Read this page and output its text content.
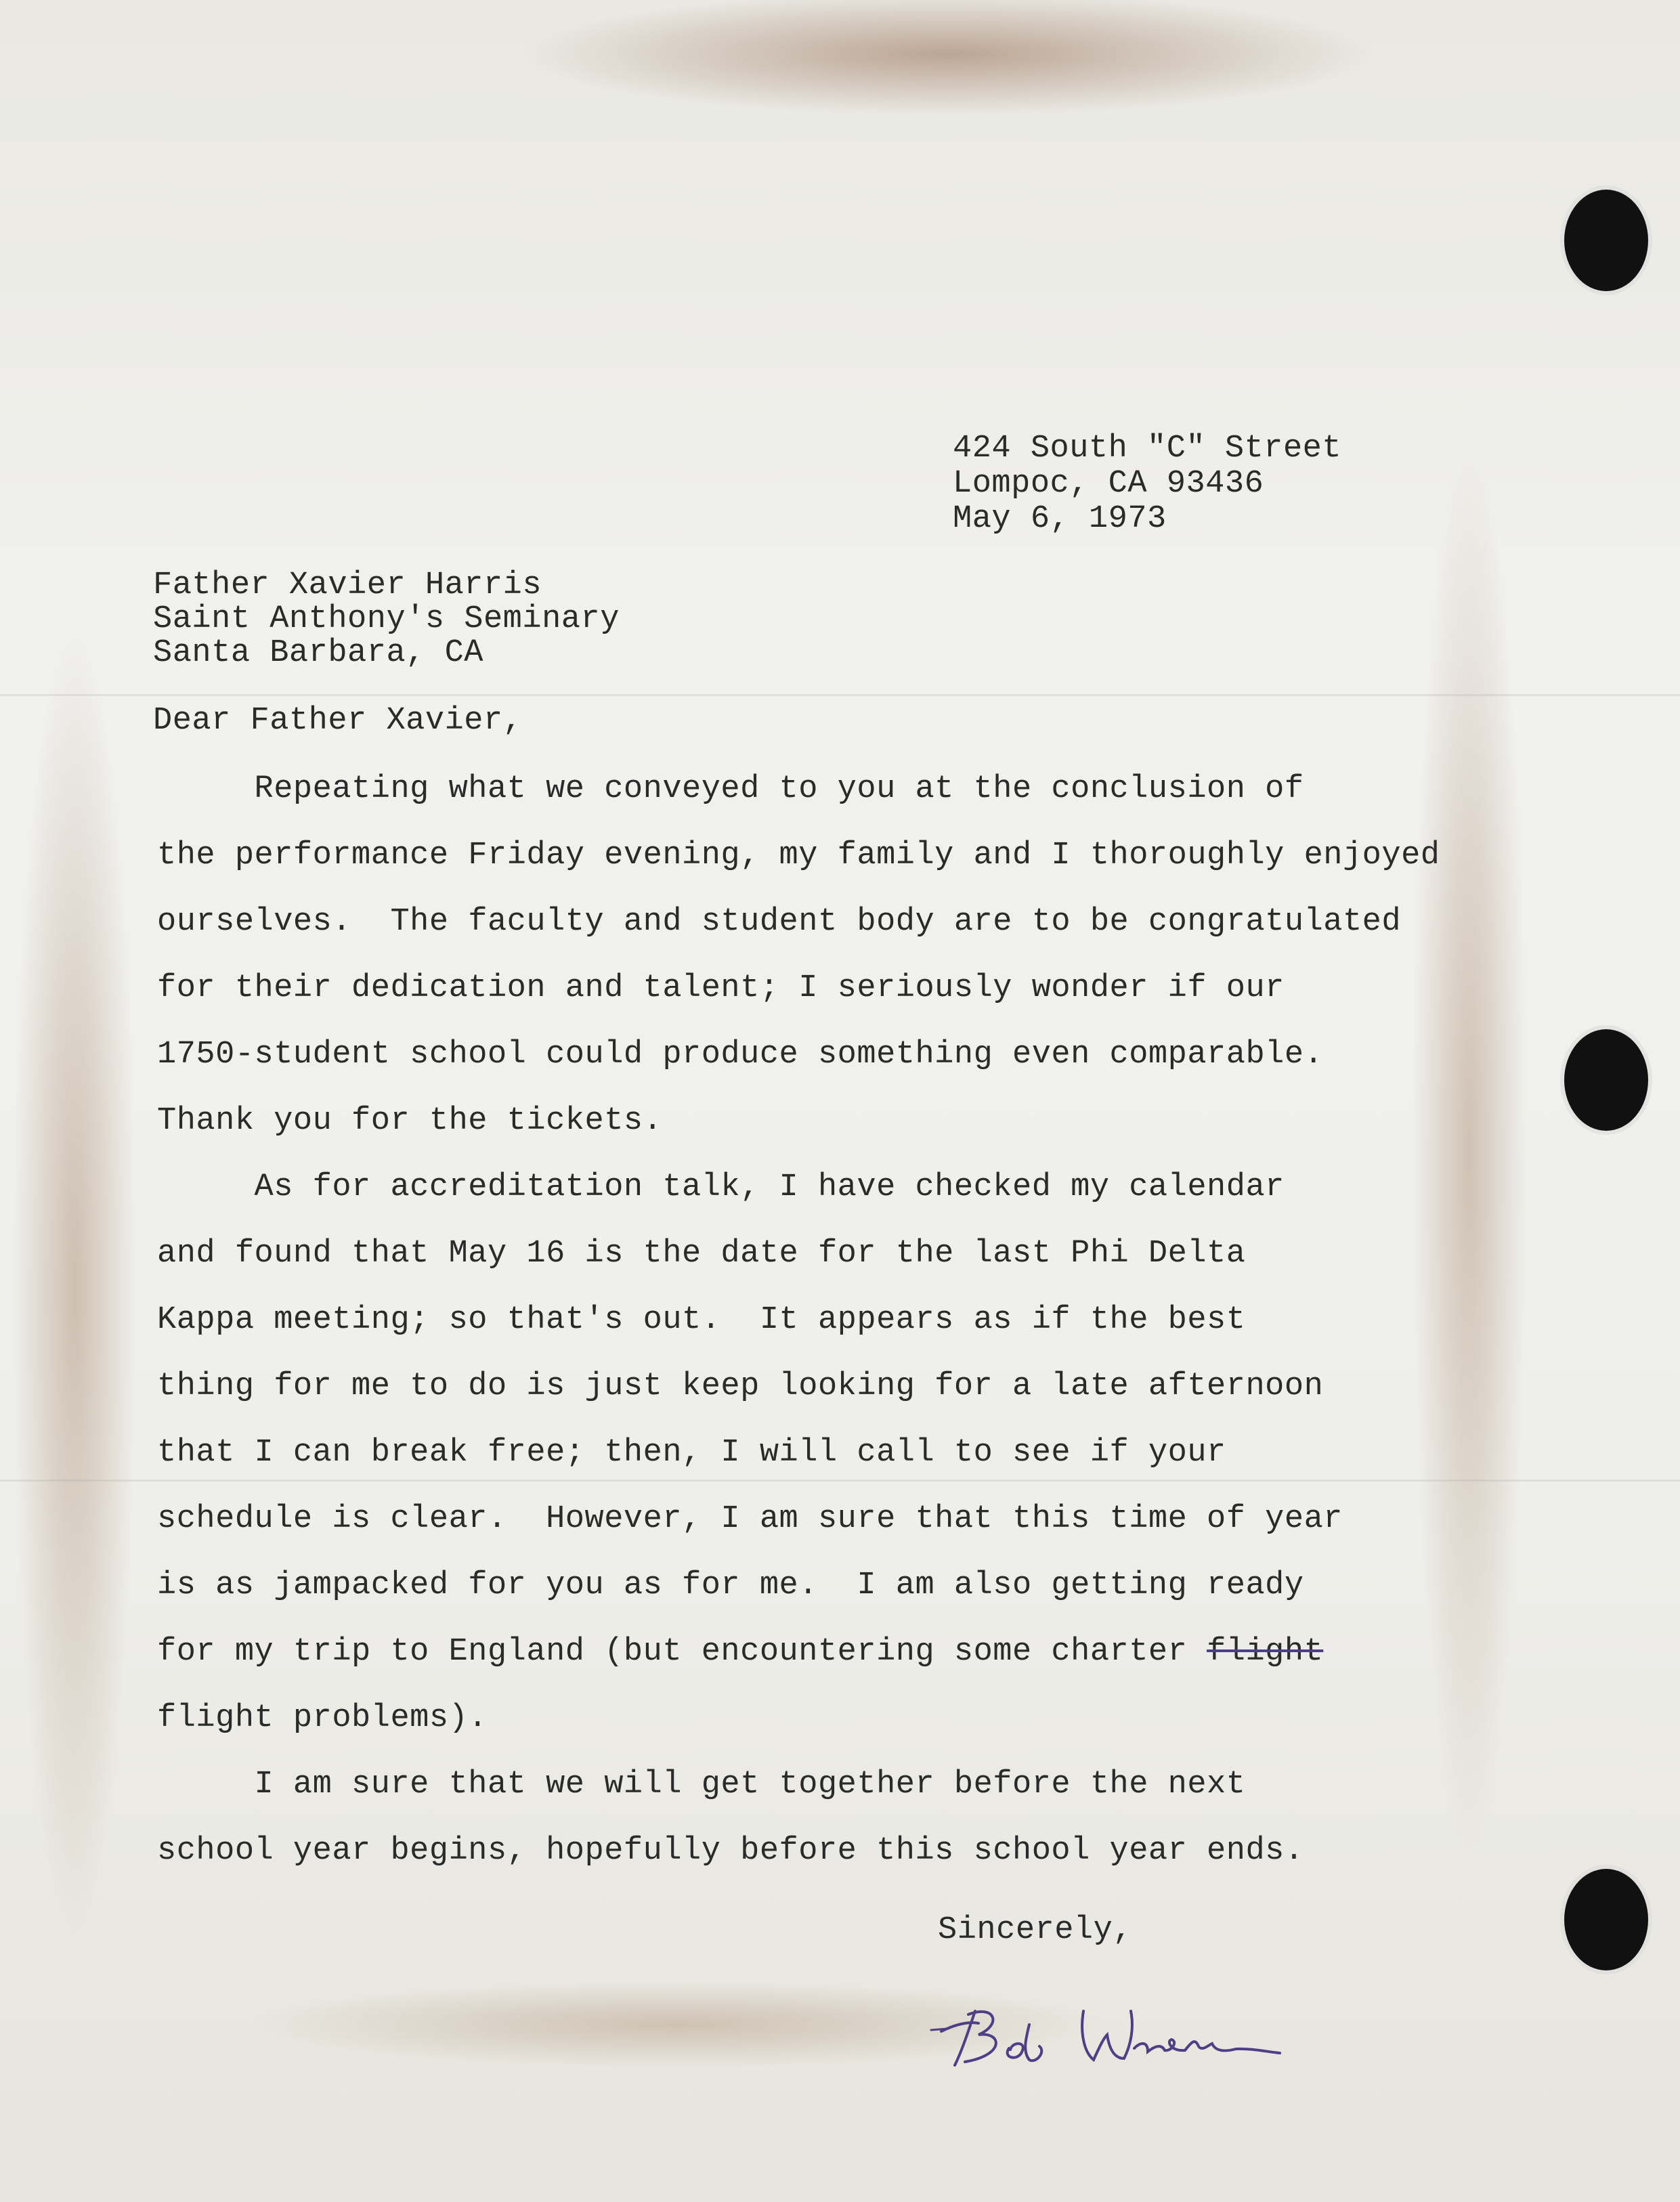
424 South "C" Street
Lompoc, CA 93436
May 6, 1973
Father Xavier Harris
Saint Anthony's Seminary
Santa Barbara, CA
Dear Father Xavier,
Repeating what we conveyed to you at the conclusion of
the performance Friday evening, my family and I thoroughly enjoyed
ourselves.  The faculty and student body are to be congratulated
for their dedication and talent; I seriously wonder if our
1750-student school could produce something even comparable.
Thank you for the tickets.
As for accreditation talk, I have checked my calendar
and found that May 16 is the date for the last Phi Delta
Kappa meeting; so that's out.  It appears as if the best
thing for me to do is just keep looking for a late afternoon
that I can break free; then, I will call to see if your
schedule is clear.  However, I am sure that this time of year
is as jampacked for you as for me.  I am also getting ready
for my trip to England (but encountering some charter flight
flight problems).
I am sure that we will get together before the next
school year begins, hopefully before this school year ends.
Sincerely,
